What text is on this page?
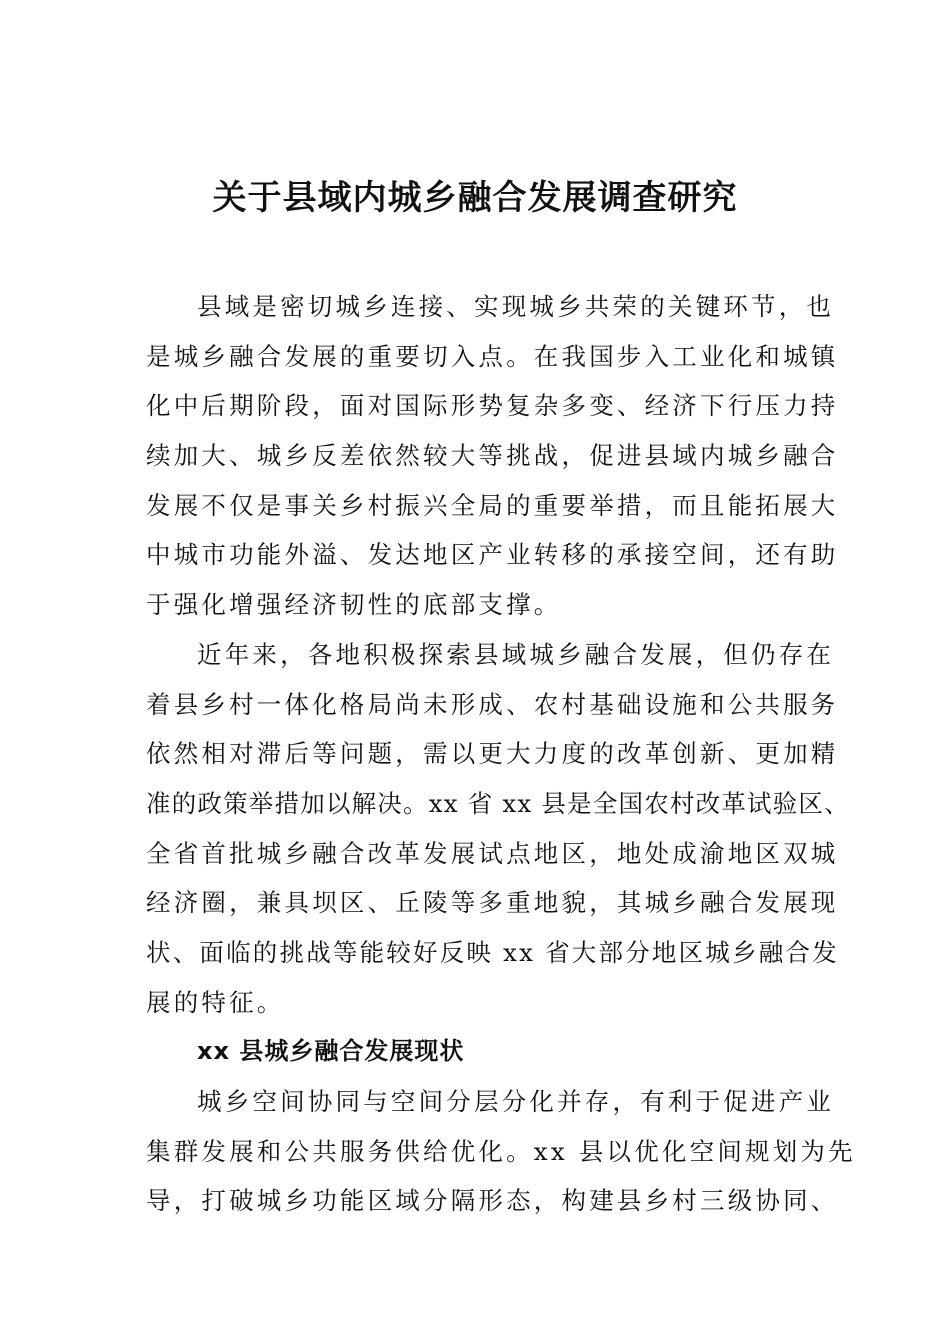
关于县域内城乡融合发展调查研究
县域是密切城乡连接、实现城乡共荣的关键环节，也
是城乡融合发展的重要切入点。在我国步入工业化和城镇
化中后期阶段，面对国际形势复杂多变、经济下行压力持
续加大、城乡反差依然较大等挑战，促进县域内城乡融合
发展不仅是事关乡村振兴全局的重要举措，而且能拓展大
中城市功能外溢、发达地区产业转移的承接空间，还有助
于强化增强经济韧性的底部支撑。
近年来，各地积极探索县域城乡融合发展，但仍存在
着县乡村一体化格局尚未形成、农村基础设施和公共服务
依然相对滞后等问题，需以更大力度的改革创新、更加精
准的政策举措加以解决。xx 省 xx 县是全国农村改革试验区、
全省首批城乡融合改革发展试点地区，地处成渝地区双城
经济圈，兼具坝区、丘陵等多重地貌，其城乡融合发展现
状、面临的挑战等能较好反映 xx 省大部分地区城乡融合发
展的特征。
xx 县城乡融合发展现状
城乡空间协同与空间分层分化并存，有利于促进产业
集群发展和公共服务供给优化。xx 县以优化空间规划为先
导，打破城乡功能区域分隔形态，构建县乡村三级协同、
